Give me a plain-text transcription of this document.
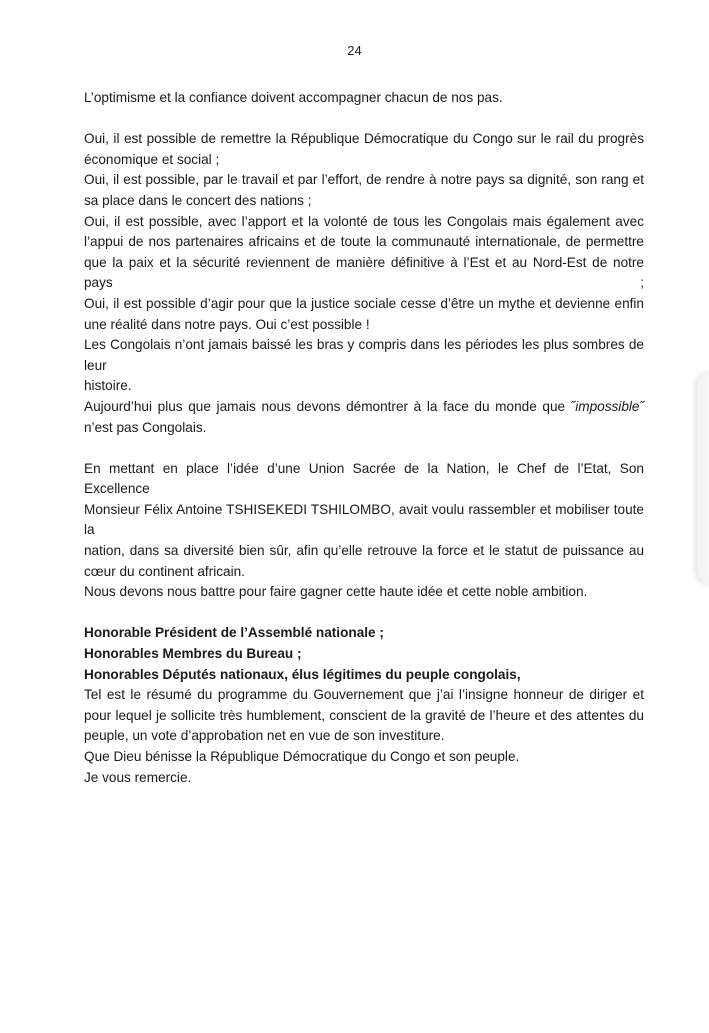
24
L’optimisme et la confiance doivent accompagner chacun de nos pas.
Oui, il est possible de remettre la République Démocratique du Congo sur le rail du progrès
économique et social ;
Oui, il est possible, par le travail et par l’effort, de rendre à notre pays sa dignité, son rang et
sa place dans le concert des nations ;
Oui, il est possible, avec l’apport et la volonté de tous les Congolais mais également avec
l’appui de nos partenaires africains et de toute la communauté internationale, de permettre
que la paix et la sécurité reviennent de manière définitive à l’Est et au Nord-Est de notre pays ;
Oui, il est possible d’agir pour que la justice sociale cesse d’être un mythe et devienne enfin
une réalité dans notre pays. Oui c’est possible !
Les Congolais n’ont jamais baissé les bras y compris dans les périodes les plus sombres de leur
histoire.
Aujourd’hui plus que jamais nous devons démontrer à la face du monde que ˝impossible˝
n’est pas Congolais.
En mettant en place l’idée d’une Union Sacrée de la Nation, le Chef de l’Etat, Son Excellence
Monsieur Félix Antoine TSHISEKEDI TSHILOMBO, avait voulu rassembler et mobiliser toute la
nation, dans sa diversité bien sûr, afin qu’elle retrouve la force et le statut de puissance au
cœur du continent africain.
Nous devons nous battre pour faire gagner cette haute idée et cette noble ambition.
Honorable Président de l’Assemblé nationale ;
Honorables Membres du Bureau ;
Honorables Députés nationaux, élus légitimes du peuple congolais,
Tel est le résumé du programme du Gouvernement que j’ai l’insigne honneur de diriger et
pour lequel je sollicite très humblement, conscient de la gravité de l’heure et des attentes du
peuple, un vote d’approbation net en vue de son investiture.
Que Dieu bénisse la République Démocratique du Congo et son peuple.
Je vous remercie.
